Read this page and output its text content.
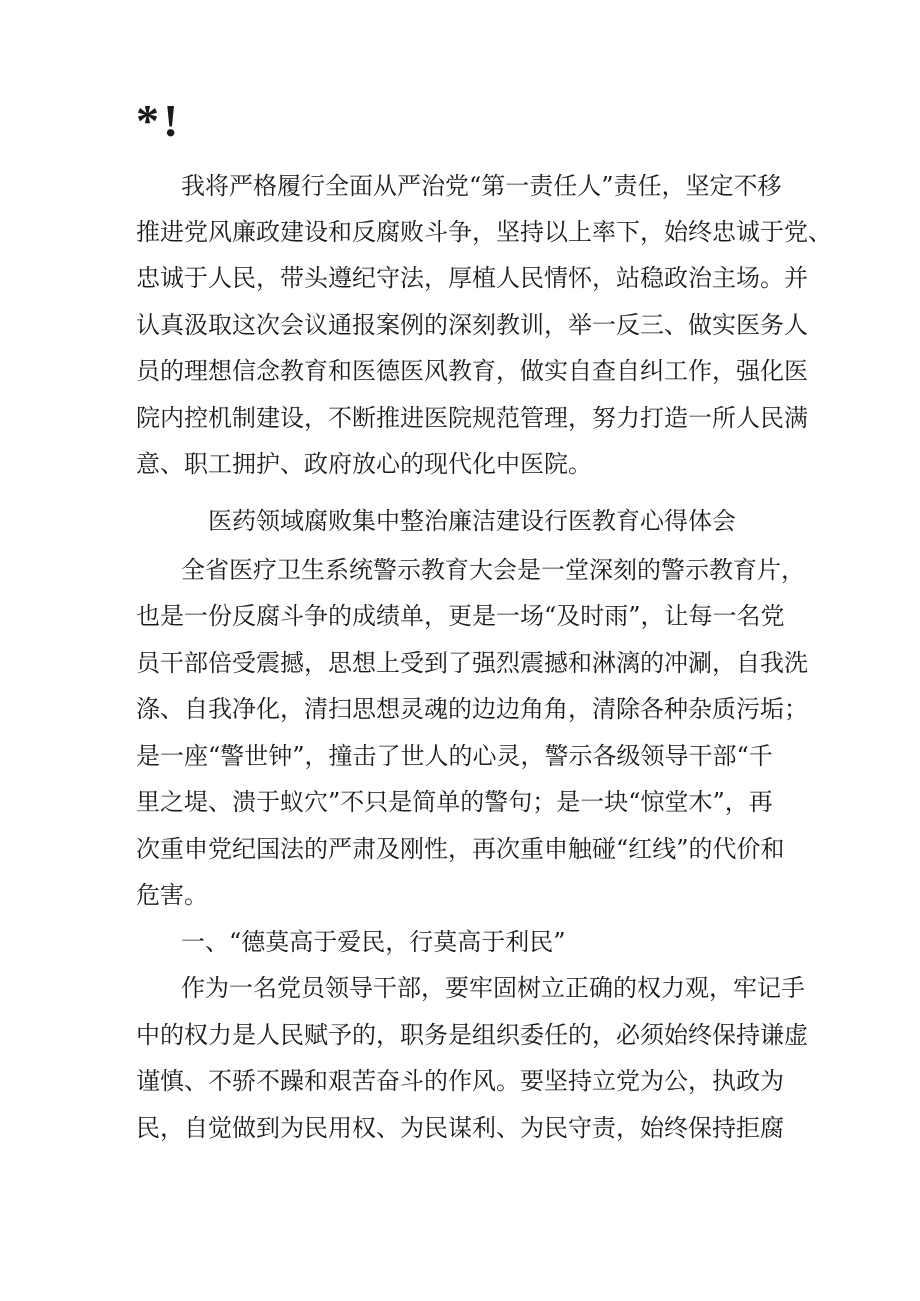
*!

我将严格履行全面从严治党“第一责任人”责任，坚定不移

推进党风廉政建设和反腐败斗争，坚持以上率下，始终忠诚于党、

忠诚于人民，带头遵纪守法，厚植人民情怀，站稳政治主场。并

认真汲取这次会议通报案例的深刻教训，举一反三、做实医务人

员的理想信念教育和医德医风教育，做实自查自纠工作，强化医

院内控机制建设，不断推进医院规范管理，努力打造一所人民满

意、职工拥护、政府放心的现代化中医院。

医药领域腐败集中整治廉洁建设行医教育心得体会

全省医疗卫生系统警示教育大会是一堂深刻的警示教育片，

也是一份反腐斗争的成绩单，更是一场“及时雨”，让每一名党

员干部倍受震撼，思想上受到了强烈震撼和淋漓的冲涮，自我洗

涤、自我净化，清扫思想灵魂的边边角角，清除各种杂质污垢；

是一座“警世钟”，撞击了世人的心灵，警示各级领导干部“千

里之堤、溃于蚁穴”不只是简单的警句；是一块“惊堂木”，再

次重申党纪国法的严肃及刚性，再次重申触碰“红线”的代价和

危害。

一、“德莫高于爱民，行莫高于利民”

作为一名党员领导干部，要牢固树立正确的权力观，牢记手

中的权力是人民赋予的，职务是组织委任的，必须始终保持谦虚

谨慎、不骄不躁和艰苦奋斗的作风。要坚持立党为公，执政为

民，自觉做到为民用权、为民谋利、为民守责，始终保持拒腐
